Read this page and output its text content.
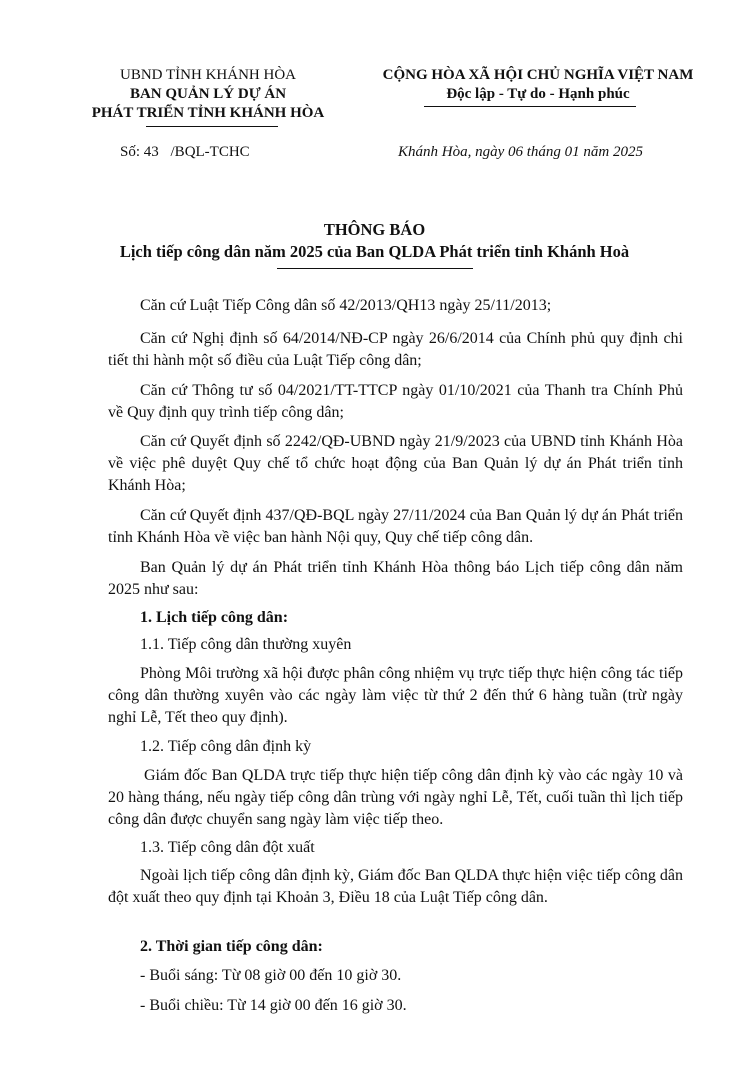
UBND TỈNH KHÁNH HÒA
BAN QUẢN LÝ DỰ ÁN
PHÁT TRIỂN TỈNH KHÁNH HÒA
CỘNG HÒA XÃ HỘI CHỦ NGHĨA VIỆT NAM
Độc lập - Tự do - Hạnh phúc
Số: 43 /BQL-TCHC	Khánh Hòa, ngày 06 tháng 01 năm 2025
THÔNG BÁO
Lịch tiếp công dân năm 2025 của Ban QLDA Phát triển tỉnh Khánh Hoà
Căn cứ Luật Tiếp Công dân số 42/2013/QH13 ngày 25/11/2013;
Căn cứ Nghị định số 64/2014/NĐ-CP ngày 26/6/2014 của Chính phủ quy định chi tiết thi hành một số điều của Luật Tiếp công dân;
Căn cứ Thông tư số 04/2021/TT-TTCP ngày 01/10/2021 của Thanh tra Chính Phủ về Quy định quy trình tiếp công dân;
Căn cứ Quyết định số 2242/QĐ-UBND ngày 21/9/2023 của UBND tỉnh Khánh Hòa về việc phê duyệt Quy chế tổ chức hoạt động của Ban Quản lý dự án Phát triển tỉnh Khánh Hòa;
Căn cứ Quyết định 437/QĐ-BQL ngày 27/11/2024 của Ban Quản lý dự án Phát triển tỉnh Khánh Hòa về việc ban hành Nội quy, Quy chế tiếp công dân.
Ban Quản lý dự án Phát triển tỉnh Khánh Hòa thông báo Lịch tiếp công dân năm 2025 như sau:
1. Lịch tiếp công dân:
1.1. Tiếp công dân thường xuyên
Phòng Môi trường xã hội được phân công nhiệm vụ trực tiếp thực hiện công tác tiếp công dân thường xuyên vào các ngày làm việc từ thứ 2 đến thứ 6 hàng tuần (trừ ngày nghỉ Lễ, Tết theo quy định).
1.2. Tiếp công dân định kỳ
Giám đốc Ban QLDA trực tiếp thực hiện tiếp công dân định kỳ vào các ngày 10 và 20 hàng tháng, nếu ngày tiếp công dân trùng với ngày nghỉ Lễ, Tết, cuối tuần thì lịch tiếp công dân được chuyển sang ngày làm việc tiếp theo.
1.3. Tiếp công dân đột xuất
Ngoài lịch tiếp công dân định kỳ, Giám đốc Ban QLDA thực hiện việc tiếp công dân đột xuất theo quy định tại Khoản 3, Điều 18 của Luật Tiếp công dân.
2. Thời gian tiếp công dân:
- Buổi sáng: Từ 08 giờ 00 đến 10 giờ 30.
- Buổi chiều: Từ 14 giờ 00 đến 16 giờ 30.
